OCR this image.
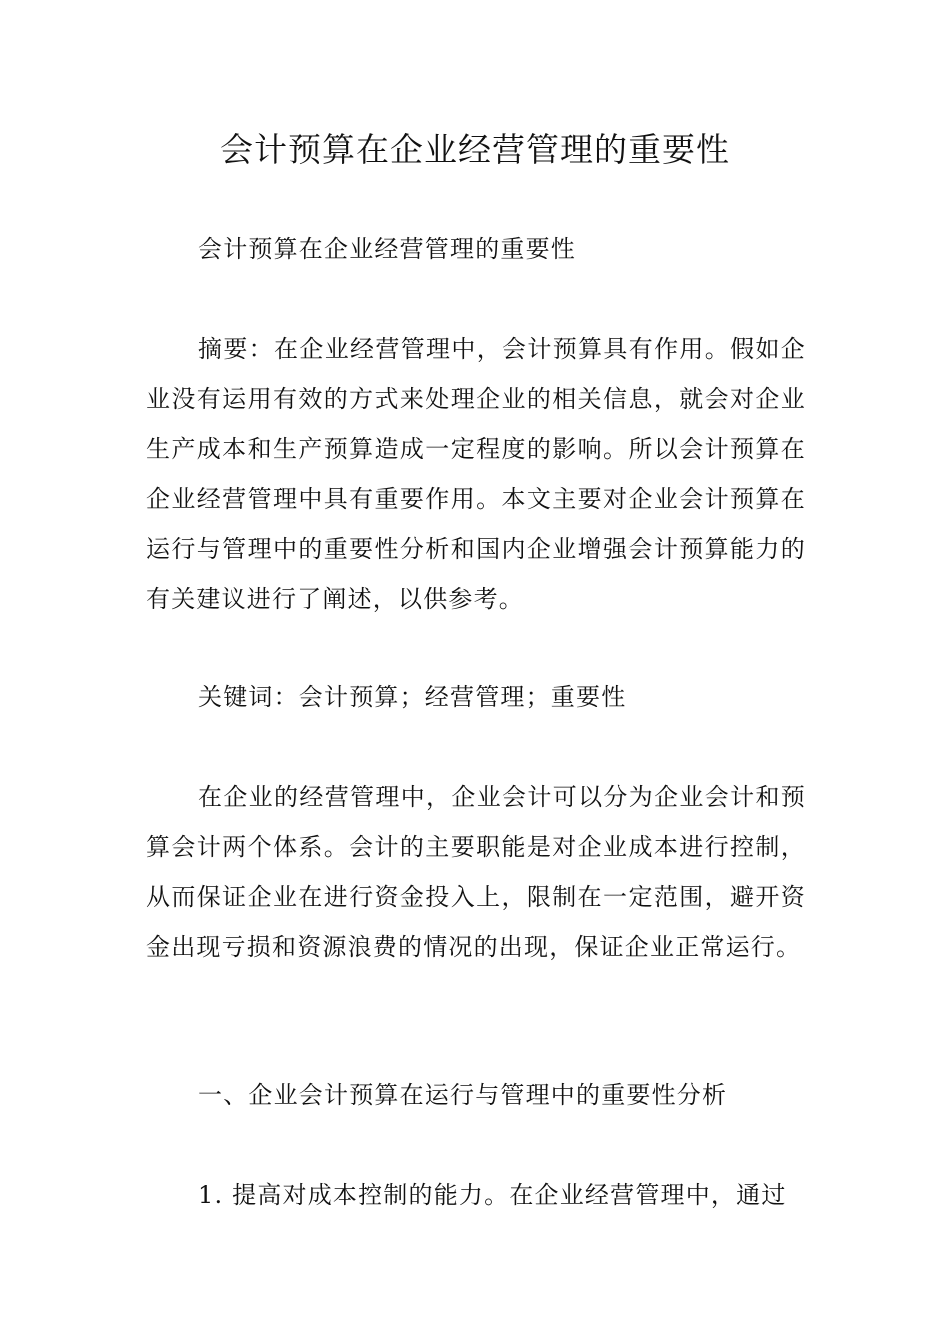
会计预算在企业经营管理的重要性

会计预算在企业经营管理的重要性

摘要：在企业经营管理中，会计预算具有作用。假如企业没有运用有效的方式来处理企业的相关信息，就会对企业生产成本和生产预算造成一定程度的影响。所以会计预算在企业经营管理中具有重要作用。本文主要对企业会计预算在运行与管理中的重要性分析和国内企业增强会计预算能力的有关建议进行了阐述，以供参考。

关键词：会计预算；经营管理；重要性

在企业的经营管理中，企业会计可以分为企业会计和预算会计两个体系。会计的主要职能是对企业成本进行控制，从而保证企业在进行资金投入上，限制在一定范围，避开资金出现亏损和资源浪费的情况的出现，保证企业正常运行。

一、企业会计预算在运行与管理中的重要性分析

1. 提高对成本控制的能力。在企业经营管理中，通过
